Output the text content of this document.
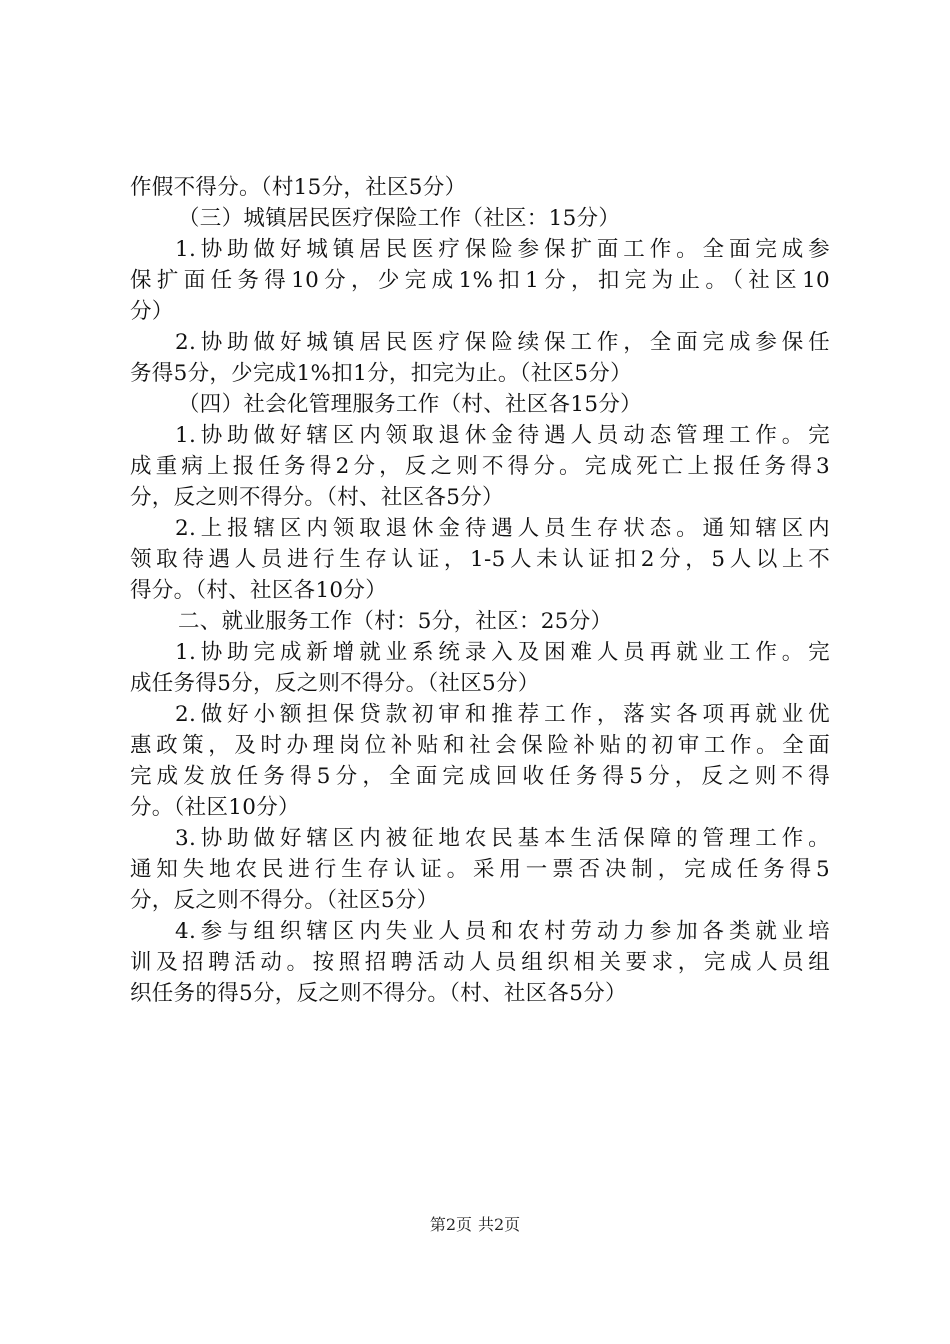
作假不得分。（村15分，社区5分）
（三）城镇居民医疗保险工作（社区：15分）
1.协助做好城镇居民医疗保险参保扩面工作。全面完成参
保扩面任务得10分，少完成1%扣1分，扣完为止。（社区10
分）
2.协助做好城镇居民医疗保险续保工作，全面完成参保任
务得5分，少完成1%扣1分，扣完为止。（社区5分）
（四）社会化管理服务工作（村、社区各15分）
1.协助做好辖区内领取退休金待遇人员动态管理工作。完
成重病上报任务得2分，反之则不得分。完成死亡上报任务得3
分，反之则不得分。（村、社区各5分）
2.上报辖区内领取退休金待遇人员生存状态。通知辖区内
领取待遇人员进行生存认证，1-5人未认证扣2分，5人以上不
得分。（村、社区各10分）
二、就业服务工作（村：5分，社区：25分）
1.协助完成新增就业系统录入及困难人员再就业工作。完
成任务得5分，反之则不得分。（社区5分）
2.做好小额担保贷款初审和推荐工作，落实各项再就业优
惠政策，及时办理岗位补贴和社会保险补贴的初审工作。全面
完成发放任务得5分，全面完成回收任务得5分，反之则不得
分。（社区10分）
3.协助做好辖区内被征地农民基本生活保障的管理工作。
通知失地农民进行生存认证。采用一票否决制，完成任务得5
分，反之则不得分。（社区5分）
4.参与组织辖区内失业人员和农村劳动力参加各类就业培
训及招聘活动。按照招聘活动人员组织相关要求，完成人员组
织任务的得5分，反之则不得分。（村、社区各5分）
第2页 共2页
